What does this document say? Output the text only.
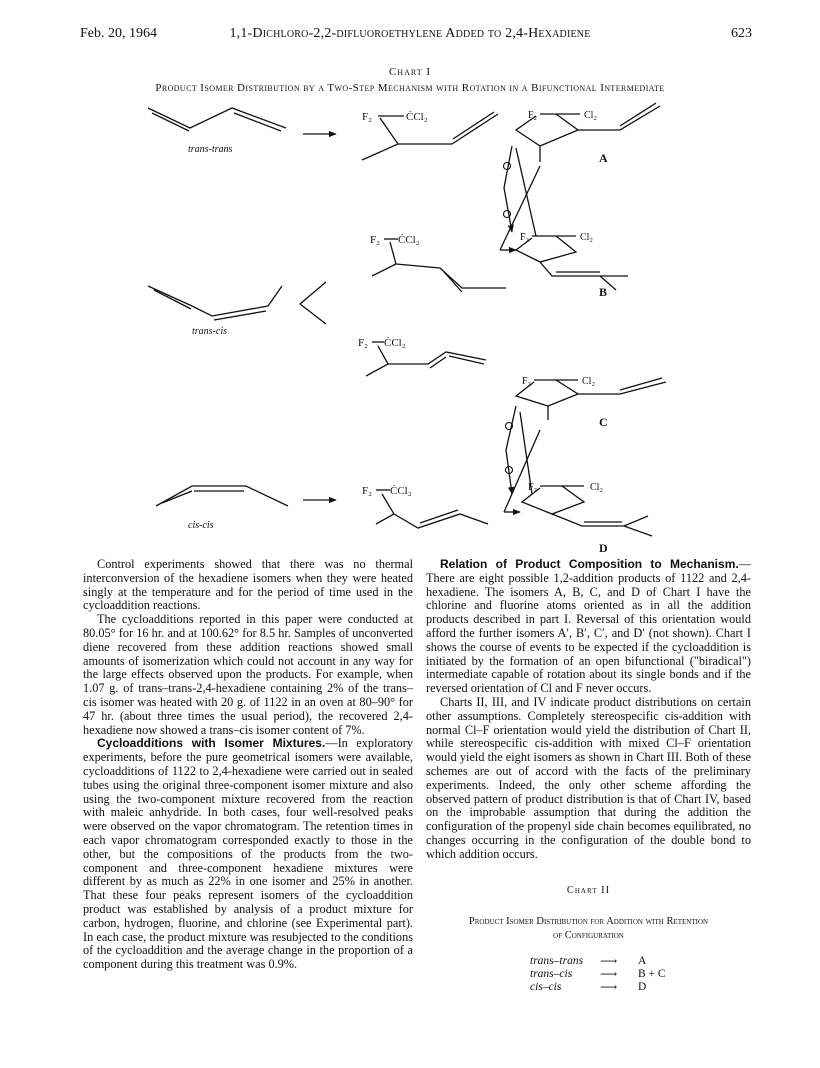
Feb. 20, 1964	1,1-Dichloro-2,2-difluoroethylene Added to 2,4-Hexadiene	623
Chart I
Product Isomer Distribution by a Two-Step Mechanism with Rotation in a Bifunctional Intermediate
trans-trans
F₂	ĊCl₂	F₂	Cl₂
A
F₂ ĊCl₂	F₂	Cl₂
B
trans-cis
F₂ ĊCl₂
F₂	Cl₂
C
cis-cis
F₂ ĊCl₂	F₂	Cl₂
D

Control experiments showed that there was no thermal interconversion of the hexadiene isomers when they were heated singly at the temperature and for the period of time used in the cycloaddition reactions.

The cycloadditions reported in this paper were conducted at 80.05° for 16 hr. and at 100.62° for 8.5 hr. Samples of unconverted diene recovered from these addition reactions showed small amounts of isomerization which could not account in any way for the large effects observed upon the products. For example, when 1.07 g. of trans–trans-2,4-hexadiene containing 2% of the trans–cis isomer was heated with 20 g. of 1122 in an oven at 80–90° for 47 hr. (about three times the usual period), the recovered 2,4-hexadiene now showed a trans–cis isomer content of 7%.

Cycloadditions with Isomer Mixtures.—In exploratory experiments, before the pure geometrical isomers were available, cycloadditions of 1122 to 2,4-hexadiene were carried out in sealed tubes using the original three-component isomer mixture and also using the two-component mixture recovered from the reaction with maleic anhydride. In both cases, four well-resolved peaks were observed on the vapor chromatogram. The retention times in each vapor chromatogram corresponded exactly to those in the other, but the compositions of the products from the two-component and three-component hexadiene mixtures were different by as much as 22% in one isomer and 25% in another. That these four peaks represent isomers of the cycloaddition product was established by analysis of a product mixture for carbon, hydrogen, fluorine, and chlorine (see Experimental part). In each case, the product mixture was resubjected to the conditions of the cycloaddition and the average change in the proportion of a component during this treatment was 0.9%.

Relation of Product Composition to Mechanism.—There are eight possible 1,2-addition products of 1122 and 2,4-hexadiene. The isomers A, B, C, and D of Chart I have the chlorine and fluorine atoms oriented as in all the addition products described in part I. Reversal of this orientation would afford the further isomers A′, B′, C′, and D′ (not shown). Chart I shows the course of events to be expected if the cycloaddition is initiated by the formation of an open bifunctional ("biradical") intermediate capable of rotation about its single bonds and if the reversed orientation of Cl and F never occurs.

Charts II, III, and IV indicate product distributions on certain other assumptions. Completely stereospecific cis-addition with normal Cl–F orientation would yield the distribution of Chart II, while stereospecific cis-addition with mixed Cl–F orientation would yield the eight isomers as shown in Chart III. Both of these schemes are out of accord with the facts of the preliminary experiments. Indeed, the only other scheme affording the observed pattern of product distribution is that of Chart IV, based on the improbable assumption that during the addition the configuration of the propenyl side chain becomes equilibrated, no changes occurring in the configuration of the double bond to which addition occurs.

Chart II
Product Isomer Distribution for Addition with Retention
of Configuration
trans–trans	⟶	A
trans–cis	⟶	B + C
cis–cis	⟶	D
